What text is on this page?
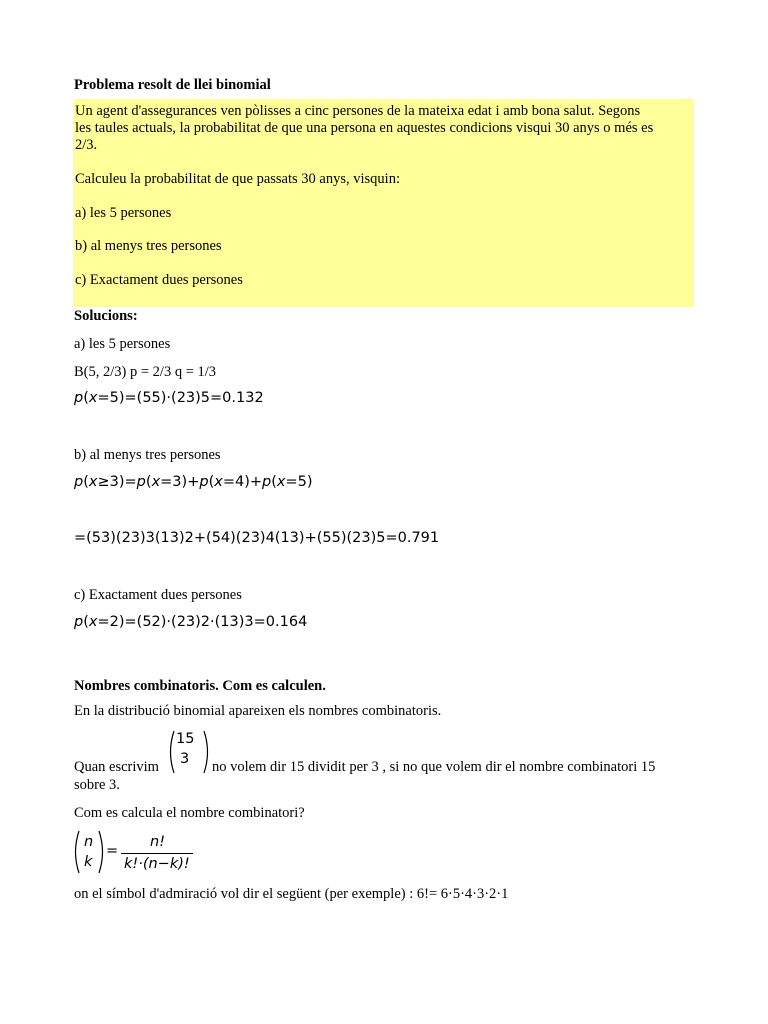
Problema resolt de llei binomial

Un agent d'assegurances ven pòlisses a cinc persones de la mateixa edat i amb bona salut. Segons

les taules actuals, la probabilitat de que una persona en aquestes condicions visqui 30 anys o més es

2/3.

Calculeu la probabilitat de que passats 30 anys, visquin:

a) les 5 persones

b) al menys tres persones

c) Exactament dues persones

Solucions:
a) les 5 persones
B(5, 2/3) p = 2/3 q = 1/3
p(x=5)=(55)·(23)5=0.132
b) al menys tres persones
p(x≥3)=p(x=3)+p(x=4)+p(x=5)
=(53)(23)3(13)2+(54)(23)4(13)+(55)(23)5=0.791
c) Exactament dues persones
p(x=2)=(52)·(23)2·(13)3=0.164
Nombres combinatoris. Com es calculen.
En la distribució binomial apareixen els nombres combinatoris.
Quan escrivim
15
3 no volem dir 15 dividit per 3 , si no que volem dir el nombre combinatori 15
sobre 3.
Com es calcula el nombre combinatori?
n
k
=
n!
k!·(n−k)!
on el símbol d'admiració vol dir el següent (per exemple) : 6!= 6·5·4·3·2·1
